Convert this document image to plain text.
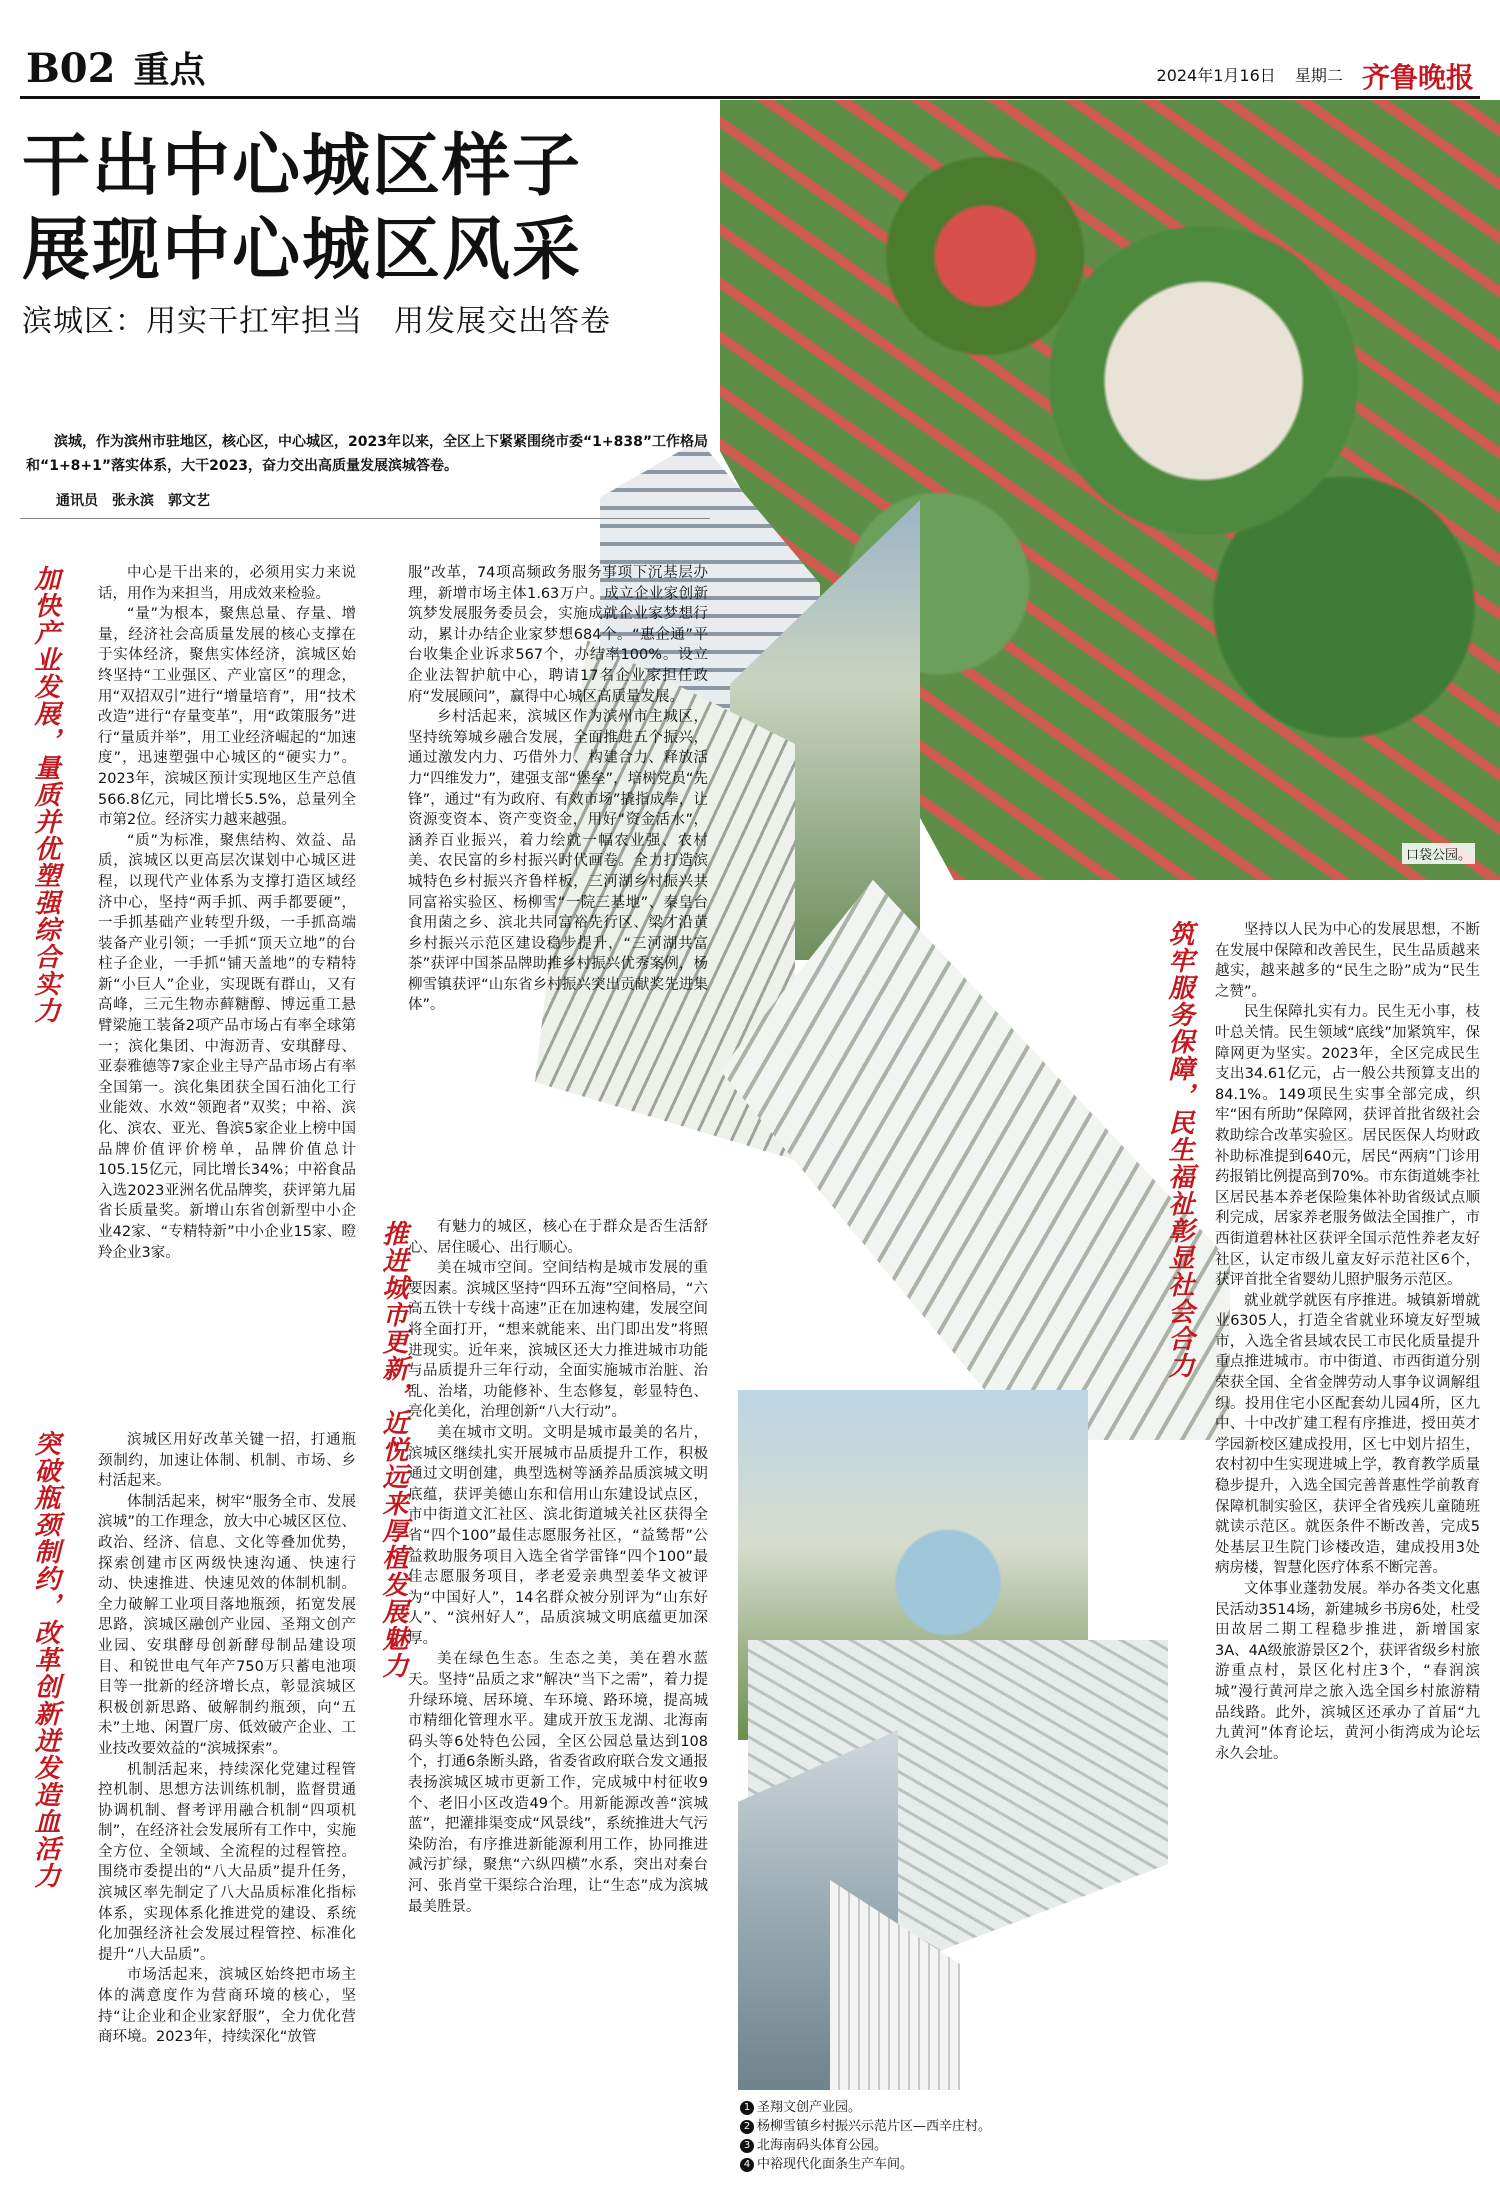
B02 重点	2024年1月16日 星期二 齐鲁晚报
口袋公园。
干出中心城区样子
展现中心城区风采
滨城区：用实干扛牢担当　用发展交出答卷
滨城，作为滨州市驻地区，核心区，中心城区，2023年以来，全区上下紧紧围绕市委“1+838”工作格局和“1+8+1”落实体系，大干2023，奋力交出高质量发展滨城答卷。
通讯员 张永滨 郭文艺
加快产业发展，量质并优塑强综合实力
突破瓶颈制约，改革创新迸发造血活力	推进城市更新，近悦远来厚植发展魅力
筑牢服务保障，民生福祉彰显社会合力

中心是干出来的，必须用实力来说话，用作为来担当，用成效来检验。

“量”为根本，聚焦总量、存量、增量，经济社会高质量发展的核心支撑在于实体经济，聚焦实体经济，滨城区始终坚持“工业强区、产业富区”的理念，用“双招双引”进行“增量培育”，用“技术改造”进行“存量变革”，用“政策服务”进行“量质并举”，用工业经济崛起的“加速度”，迅速塑强中心城区的“硬实力”。2023年，滨城区预计实现地区生产总值566.8亿元，同比增长5.5%，总量列全市第2位。经济实力越来越强。

“质”为标准，聚焦结构、效益、品质，滨城区以更高层次谋划中心城区进程，以现代产业体系为支撑打造区域经济中心，坚持“两手抓、两手都要硬”，一手抓基础产业转型升级，一手抓高端装备产业引领；一手抓“顶天立地”的台柱子企业，一手抓“铺天盖地”的专精特新“小巨人”企业，实现既有群山，又有高峰，三元生物赤藓糖醇、博远重工悬臂梁施工装备2项产品市场占有率全球第一；滨化集团、中海沥青、安琪酵母、亚泰雅德等7家企业主导产品市场占有率全国第一。滨化集团获全国石油化工行业能效、水效“领跑者”双奖；中裕、滨化、滨农、亚光、鲁滨5家企业上榜中国品牌价值评价榜单，品牌价值总计105.15亿元，同比增长34%；中裕食品入选2023亚洲名优品牌奖，获评第九届省长质量奖。新增山东省创新型中小企业42家、“专精特新”中小企业15家、瞪羚企业3家。

滨城区用好改革关键一招，打通瓶颈制约，加速让体制、机制、市场、乡村活起来。

体制活起来，树牢“服务全市、发展滨城”的工作理念，放大中心城区区位、政治、经济、信息、文化等叠加优势，探索创建市区两级快速沟通、快速行动、快速推进、快速见效的体制机制。全力破解工业项目落地瓶颈，拓宽发展思路，滨城区融创产业园、圣翔文创产业园、安琪酵母创新酵母制品建设项目、和锐世电气年产750万只蓄电池项目等一批新的经济增长点，彰显滨城区积极创新思路、破解制约瓶颈，向“五未”土地、闲置厂房、低效破产企业、工业技改要效益的“滨城探索”。

机制活起来，持续深化党建过程管控机制、思想方法训练机制，监督贯通协调机制、督考评用融合机制“四项机制”，在经济社会发展所有工作中，实施全方位、全领域、全流程的过程管控。围绕市委提出的“八大品质”提升任务，滨城区率先制定了八大品质标准化指标体系，实现体系化推进党的建设、系统化加强经济社会发展过程管控、标准化提升“八大品质”。

市场活起来，滨城区始终把市场主体的满意度作为营商环境的核心，坚持“让企业和企业家舒服”，全力优化营商环境。2023年，持续深化“放管

服”改革，74项高频政务服务事项下沉基层办理，新增市场主体1.63万户。成立企业家创新筑梦发展服务委员会，实施成就企业家梦想行动，累计办结企业家梦想684个。“惠企通”平台收集企业诉求567个，办结率100%。设立企业法智护航中心，聘请17名企业家担任政府“发展顾问”，赢得中心城区高质量发展。

乡村活起来，滨城区作为滨州市主城区，坚持统筹城乡融合发展，全面推进五个振兴，通过激发内力、巧借外力、构建合力、释放活力“四维发力”，建强支部“堡垒”，培树党员“先锋”，通过“有为政府、有效市场”撬指成拳，让资源变资本、资产变资金，用好“资金活水”，涵养百业振兴，着力绘就一幅农业强、农村美、农民富的乡村振兴时代画卷。全力打造滨城特色乡村振兴齐鲁样板，三河湖乡村振兴共同富裕实验区、杨柳雪“一院三基地”、秦皇台食用菌之乡、滨北共同富裕先行区、梁才沿黄乡村振兴示范区建设稳步提升，“三河湖共富茶”获评中国茶品牌助推乡村振兴优秀案例，杨柳雪镇获评“山东省乡村振兴突出贡献奖先进集体”。

有魅力的城区，核心在于群众是否生活舒心、居住暖心、出行顺心。

美在城市空间。空间结构是城市发展的重要因素。滨城区坚持“四环五海”空间格局，“六高五铁十专线十高速”正在加速构建，发展空间将全面打开，“想来就能来、出门即出发”将照进现实。近年来，滨城区还大力推进城市功能与品质提升三年行动，全面实施城市治脏、治乱、治堵，功能修补、生态修复，彰显特色、亮化美化，治理创新“八大行动”。

美在城市文明。文明是城市最美的名片，滨城区继续扎实开展城市品质提升工作，积极通过文明创建，典型选树等涵养品质滨城文明底蕴，获评美德山东和信用山东建设试点区，市中街道文汇社区、滨北街道城关社区获得全省“四个100”最佳志愿服务社区，“益鸶帮”公益救助服务项目入选全省学雷锋“四个100”最佳志愿服务项目，孝老爱亲典型姜华文被评为“中国好人”，14名群众被分别评为“山东好人”、“滨州好人”，品质滨城文明底蕴更加深厚。

美在绿色生态。生态之美，美在碧水蓝天。坚持“品质之求”解决“当下之需”，着力提升绿环境、居环境、车环境、路环境，提高城市精细化管理水平。建成开放玉龙湖、北海南码头等6处特色公园，全区公园总量达到108个，打通6条断头路，省委省政府联合发文通报表扬滨城区城市更新工作，完成城中村征收9个、老旧小区改造49个。用新能源改善“滨城蓝”，把灌排渠变成“风景线”，系统推进大气污染防治，有序推进新能源利用工作，协同推进减污扩绿，聚焦“六纵四横”水系，突出对秦台河、张肖堂干渠综合治理，让“生态”成为滨城最美胜景。

坚持以人民为中心的发展思想，不断在发展中保障和改善民生，民生品质越来越实，越来越多的“民生之盼”成为“民生之赞”。

民生保障扎实有力。民生无小事，枝叶总关情。民生领域“底线”加紧筑牢，保障网更为坚实。2023年，全区完成民生支出34.61亿元，占一般公共预算支出的84.1%。149项民生实事全部完成，织牢“困有所助”保障网，获评首批省级社会救助综合改革实验区。居民医保人均财政补助标准提到640元，居民“两病”门诊用药报销比例提高到70%。市东街道姚李社区居民基本养老保险集体补助省级试点顺利完成，居家养老服务做法全国推广，市西街道碧林社区获评全国示范性养老友好社区，认定市级儿童友好示范社区6个，获评首批全省婴幼儿照护服务示范区。

就业就学就医有序推进。城镇新增就业6305人，打造全省就业环境友好型城市，入选全省县域农民工市民化质量提升重点推进城市。市中街道、市西街道分别荣获全国、全省金牌劳动人事争议调解组织。投用住宅小区配套幼儿园4所，区九中、十中改扩建工程有序推进，授田英才学园新校区建成投用，区七中划片招生，农村初中生实现进城上学，教育教学质量稳步提升，入选全国完善普惠性学前教育保障机制实验区，获评全省残疾儿童随班就读示范区。就医条件不断改善，完成5处基层卫生院门诊楼改造，建成投用3处病房楼，智慧化医疗体系不断完善。

文体事业蓬勃发展。举办各类文化惠民活动3514场，新建城乡书房6处，杜受田故居二期工程稳步推进，新增国家3A、4A级旅游景区2个，获评省级乡村旅游重点村，景区化村庄3个，“春润滨城”漫行黄河岸之旅入选全国乡村旅游精品线路。此外，滨城区还承办了首届“九九黄河”体育论坛，黄河小街湾成为论坛永久会址。

1 圣翔文创产业园。
2 杨柳雪镇乡村振兴示范片区—西辛庄村。
3 北海南码头体育公园。
4 中裕现代化面条生产车间。
